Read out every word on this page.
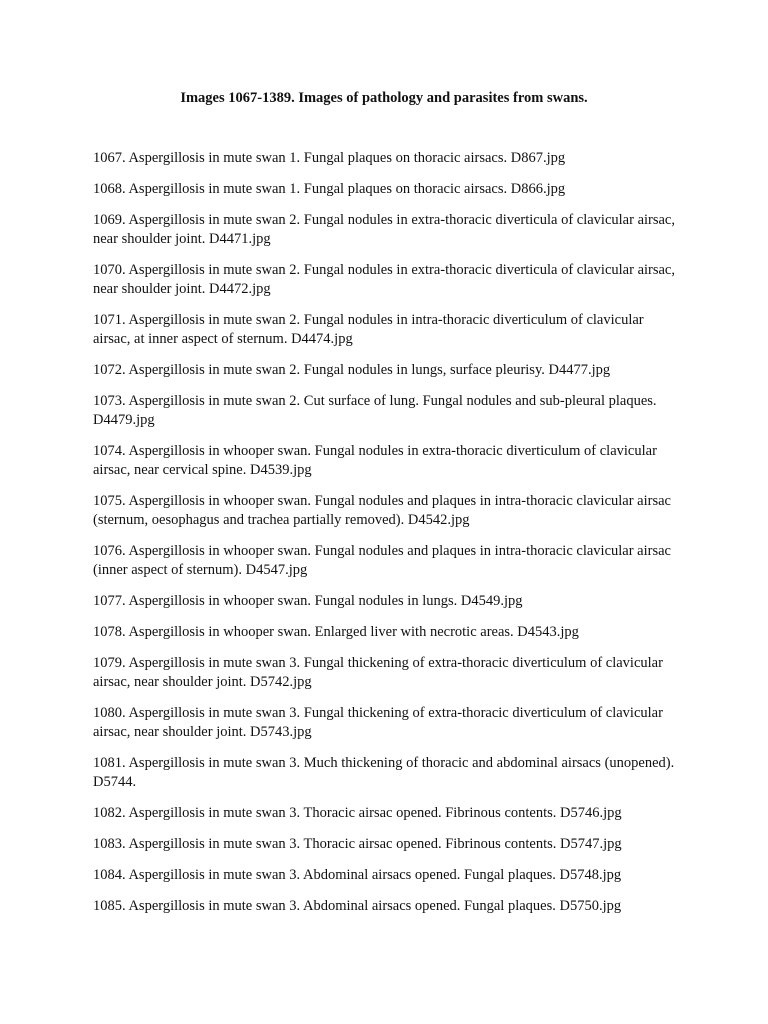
Images 1067-1389. Images of pathology and parasites from swans.
1067. Aspergillosis in mute swan 1. Fungal plaques on thoracic airsacs. D867.jpg
1068. Aspergillosis in mute swan 1. Fungal plaques on thoracic airsacs. D866.jpg
1069. Aspergillosis in mute swan 2. Fungal nodules in extra-thoracic diverticula of clavicular airsac, near shoulder joint. D4471.jpg
1070. Aspergillosis in mute swan 2. Fungal nodules in extra-thoracic diverticula of clavicular airsac, near shoulder joint. D4472.jpg
1071. Aspergillosis in mute swan 2. Fungal nodules in intra-thoracic diverticulum of clavicular airsac, at inner aspect of sternum. D4474.jpg
1072. Aspergillosis in mute swan 2. Fungal nodules in lungs, surface pleurisy. D4477.jpg
1073. Aspergillosis in mute swan 2. Cut surface of lung. Fungal nodules and sub-pleural plaques. D4479.jpg
1074. Aspergillosis in whooper swan. Fungal nodules in extra-thoracic diverticulum of clavicular airsac, near cervical spine. D4539.jpg
1075. Aspergillosis in whooper swan. Fungal nodules and plaques in intra-thoracic clavicular airsac (sternum, oesophagus and trachea partially removed). D4542.jpg
1076. Aspergillosis in whooper swan. Fungal nodules and plaques in intra-thoracic clavicular airsac (inner aspect of sternum). D4547.jpg
1077. Aspergillosis in whooper swan. Fungal nodules in lungs. D4549.jpg
1078. Aspergillosis in whooper swan. Enlarged liver with necrotic areas. D4543.jpg
1079. Aspergillosis in mute swan 3. Fungal thickening of extra-thoracic diverticulum of clavicular airsac, near shoulder joint. D5742.jpg
1080. Aspergillosis in mute swan 3. Fungal thickening of extra-thoracic diverticulum of clavicular airsac, near shoulder joint. D5743.jpg
1081. Aspergillosis in mute swan 3. Much thickening of thoracic and abdominal airsacs (unopened). D5744.
1082. Aspergillosis in mute swan 3. Thoracic airsac opened. Fibrinous contents. D5746.jpg
1083. Aspergillosis in mute swan 3. Thoracic airsac opened. Fibrinous contents. D5747.jpg
1084. Aspergillosis in mute swan 3. Abdominal airsacs opened. Fungal plaques. D5748.jpg
1085. Aspergillosis in mute swan 3. Abdominal airsacs opened. Fungal plaques. D5750.jpg
